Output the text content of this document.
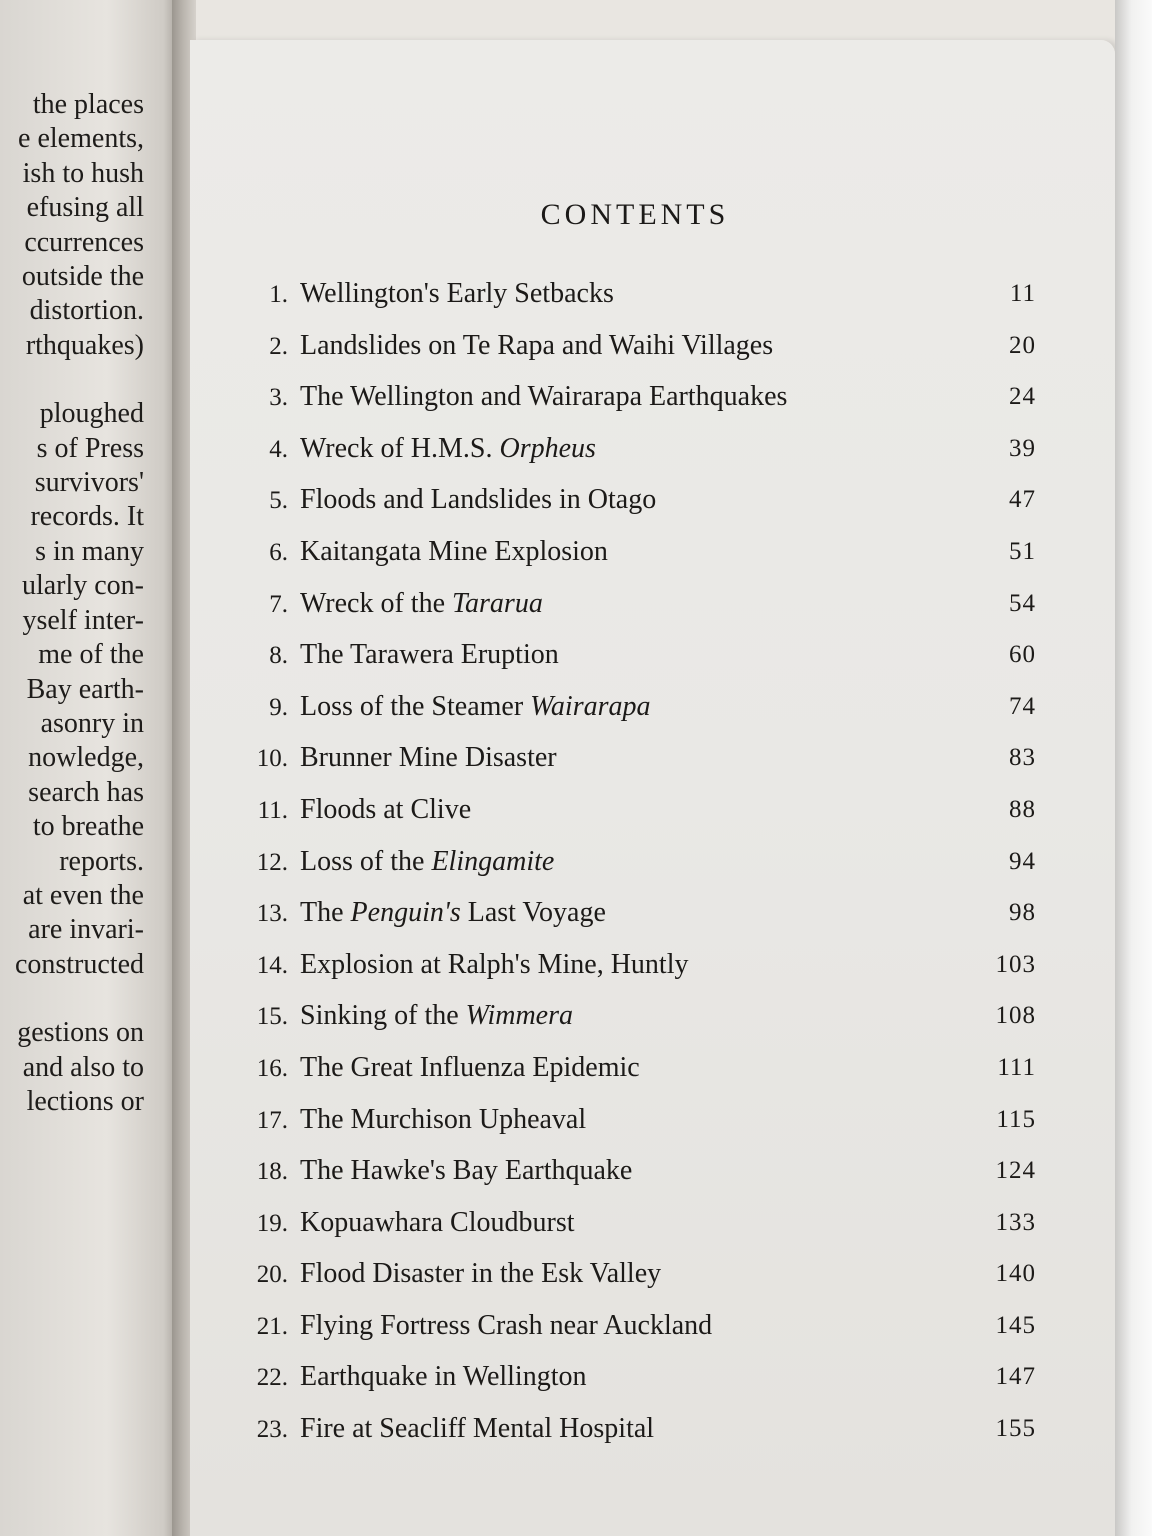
the places
e elements,
ish to hush
efusing all
ccurrences
outside the
distortion.
rthquakes)
ploughed
s of Press
survivors'
records. It
s in many
ularly con-
yself inter-
me of the
Bay earth-
asonry in
nowledge,
search has
to breathe
reports.
at even the
are invari-
constructed
gestions on
and also to
lections or
CONTENTS
1. Wellington's Early Setbacks	11
2. Landslides on Te Rapa and Waihi Villages	20
3. The Wellington and Wairarapa Earthquakes	24
4. Wreck of H.M.S. Orpheus	39
5. Floods and Landslides in Otago	47
6. Kaitangata Mine Explosion	51
7. Wreck of the Tararua	54
8. The Tarawera Eruption	60
9. Loss of the Steamer Wairarapa	74
10. Brunner Mine Disaster	83
11. Floods at Clive	88
12. Loss of the Elingamite	94
13. The Penguin's Last Voyage	98
14. Explosion at Ralph's Mine, Huntly	103
15. Sinking of the Wimmera	108
16. The Great Influenza Epidemic	111
17. The Murchison Upheaval	115
18. The Hawke's Bay Earthquake	124
19. Kopuawhara Cloudburst	133
20. Flood Disaster in the Esk Valley	140
21. Flying Fortress Crash near Auckland	145
22. Earthquake in Wellington	147
23. Fire at Seacliff Mental Hospital	155
